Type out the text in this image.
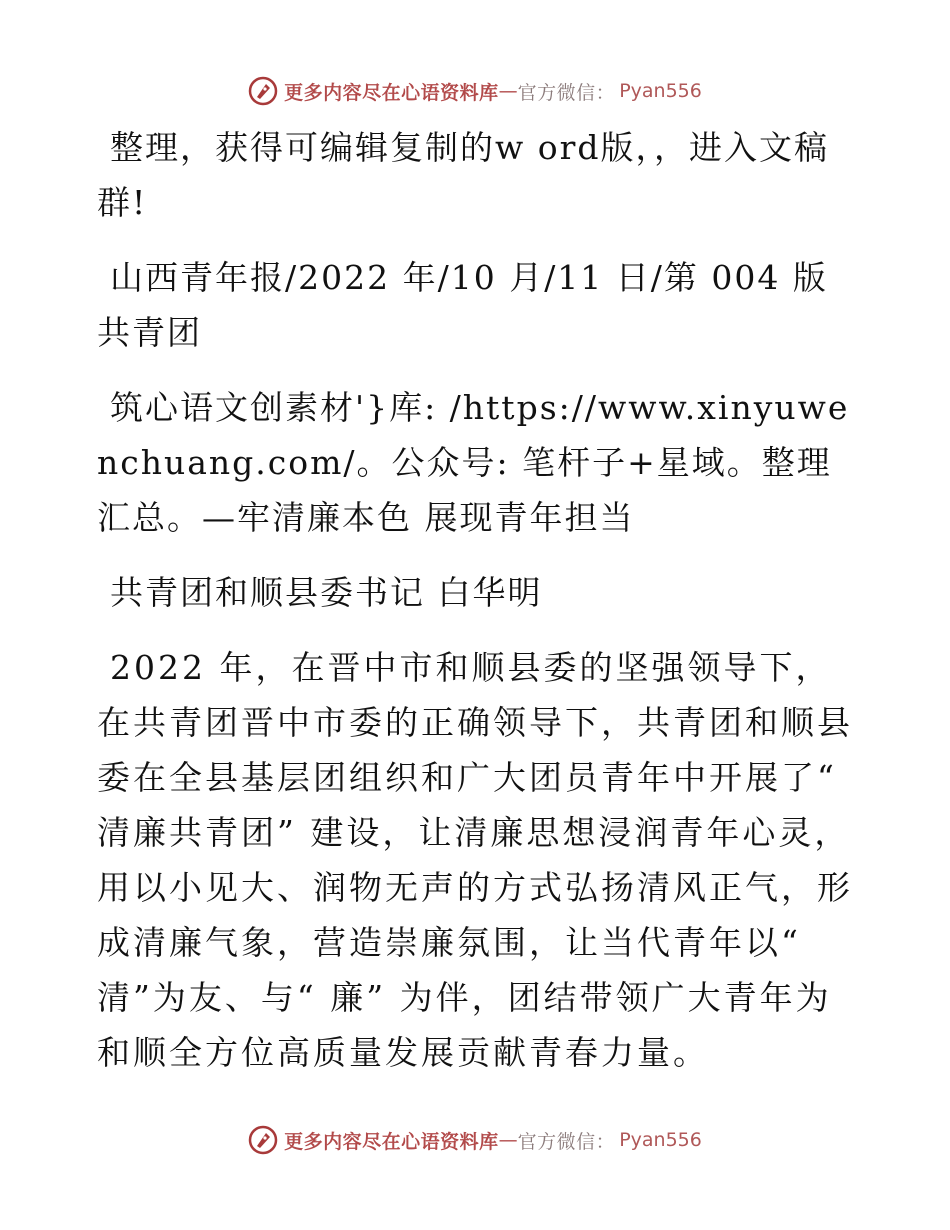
更多内容尽在心语资料库 — 官方微信： Pyan556

整理，获得可编辑复制的w ord版，，进入文稿群!

山西青年报/2022 年/10 月/11 日/第 004 版共青团

筑心语文创素材'}库: /https://www.xinyuwenchuang.com/。公众号: 笔杆子+星域。整理汇总。—牢清廉本色 展现青年担当

共青团和顺县委书记 白华明

2022 年，在晋中市和顺县委的坚强领导下，在共青团晋中市委的正确领导下，共青团和顺县委在全县基层团组织和广大团员青年中开展了“ 清廉共青团” 建设，让清廉思想浸润青年心灵，用以小见大、润物无声的方式弘扬清风正气，形成清廉气象，营造崇廉氛围，让当代青年以“ 清”为友、与“ 廉” 为伴，团结带领广大青年为和顺全方位高质量发展贡献青春力量。

更多内容尽在心语资料库 — 官方微信： Pyan556
